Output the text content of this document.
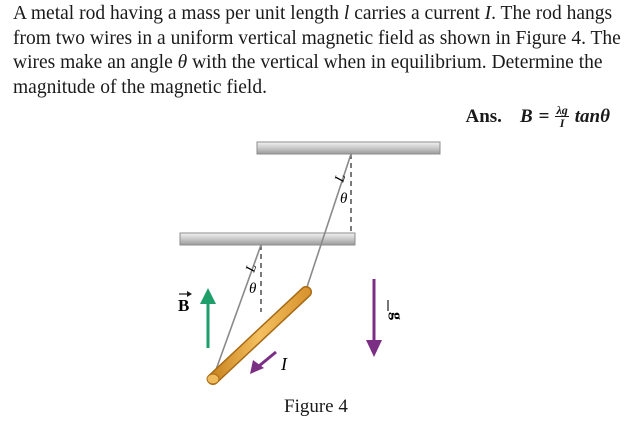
A metal rod having a mass per unit length l carries a current I. The rod hangs from two wires in a uniform vertical magnetic field as shown in Figure 4. The wires make an angle θ with the vertical when in equilibrium. Determine the magnitude of the magnetic field.

Ans. $B = \frac{\lambda g}{I}$ tanθ
θ
θ
L
L
B
g
I
Figure 4
